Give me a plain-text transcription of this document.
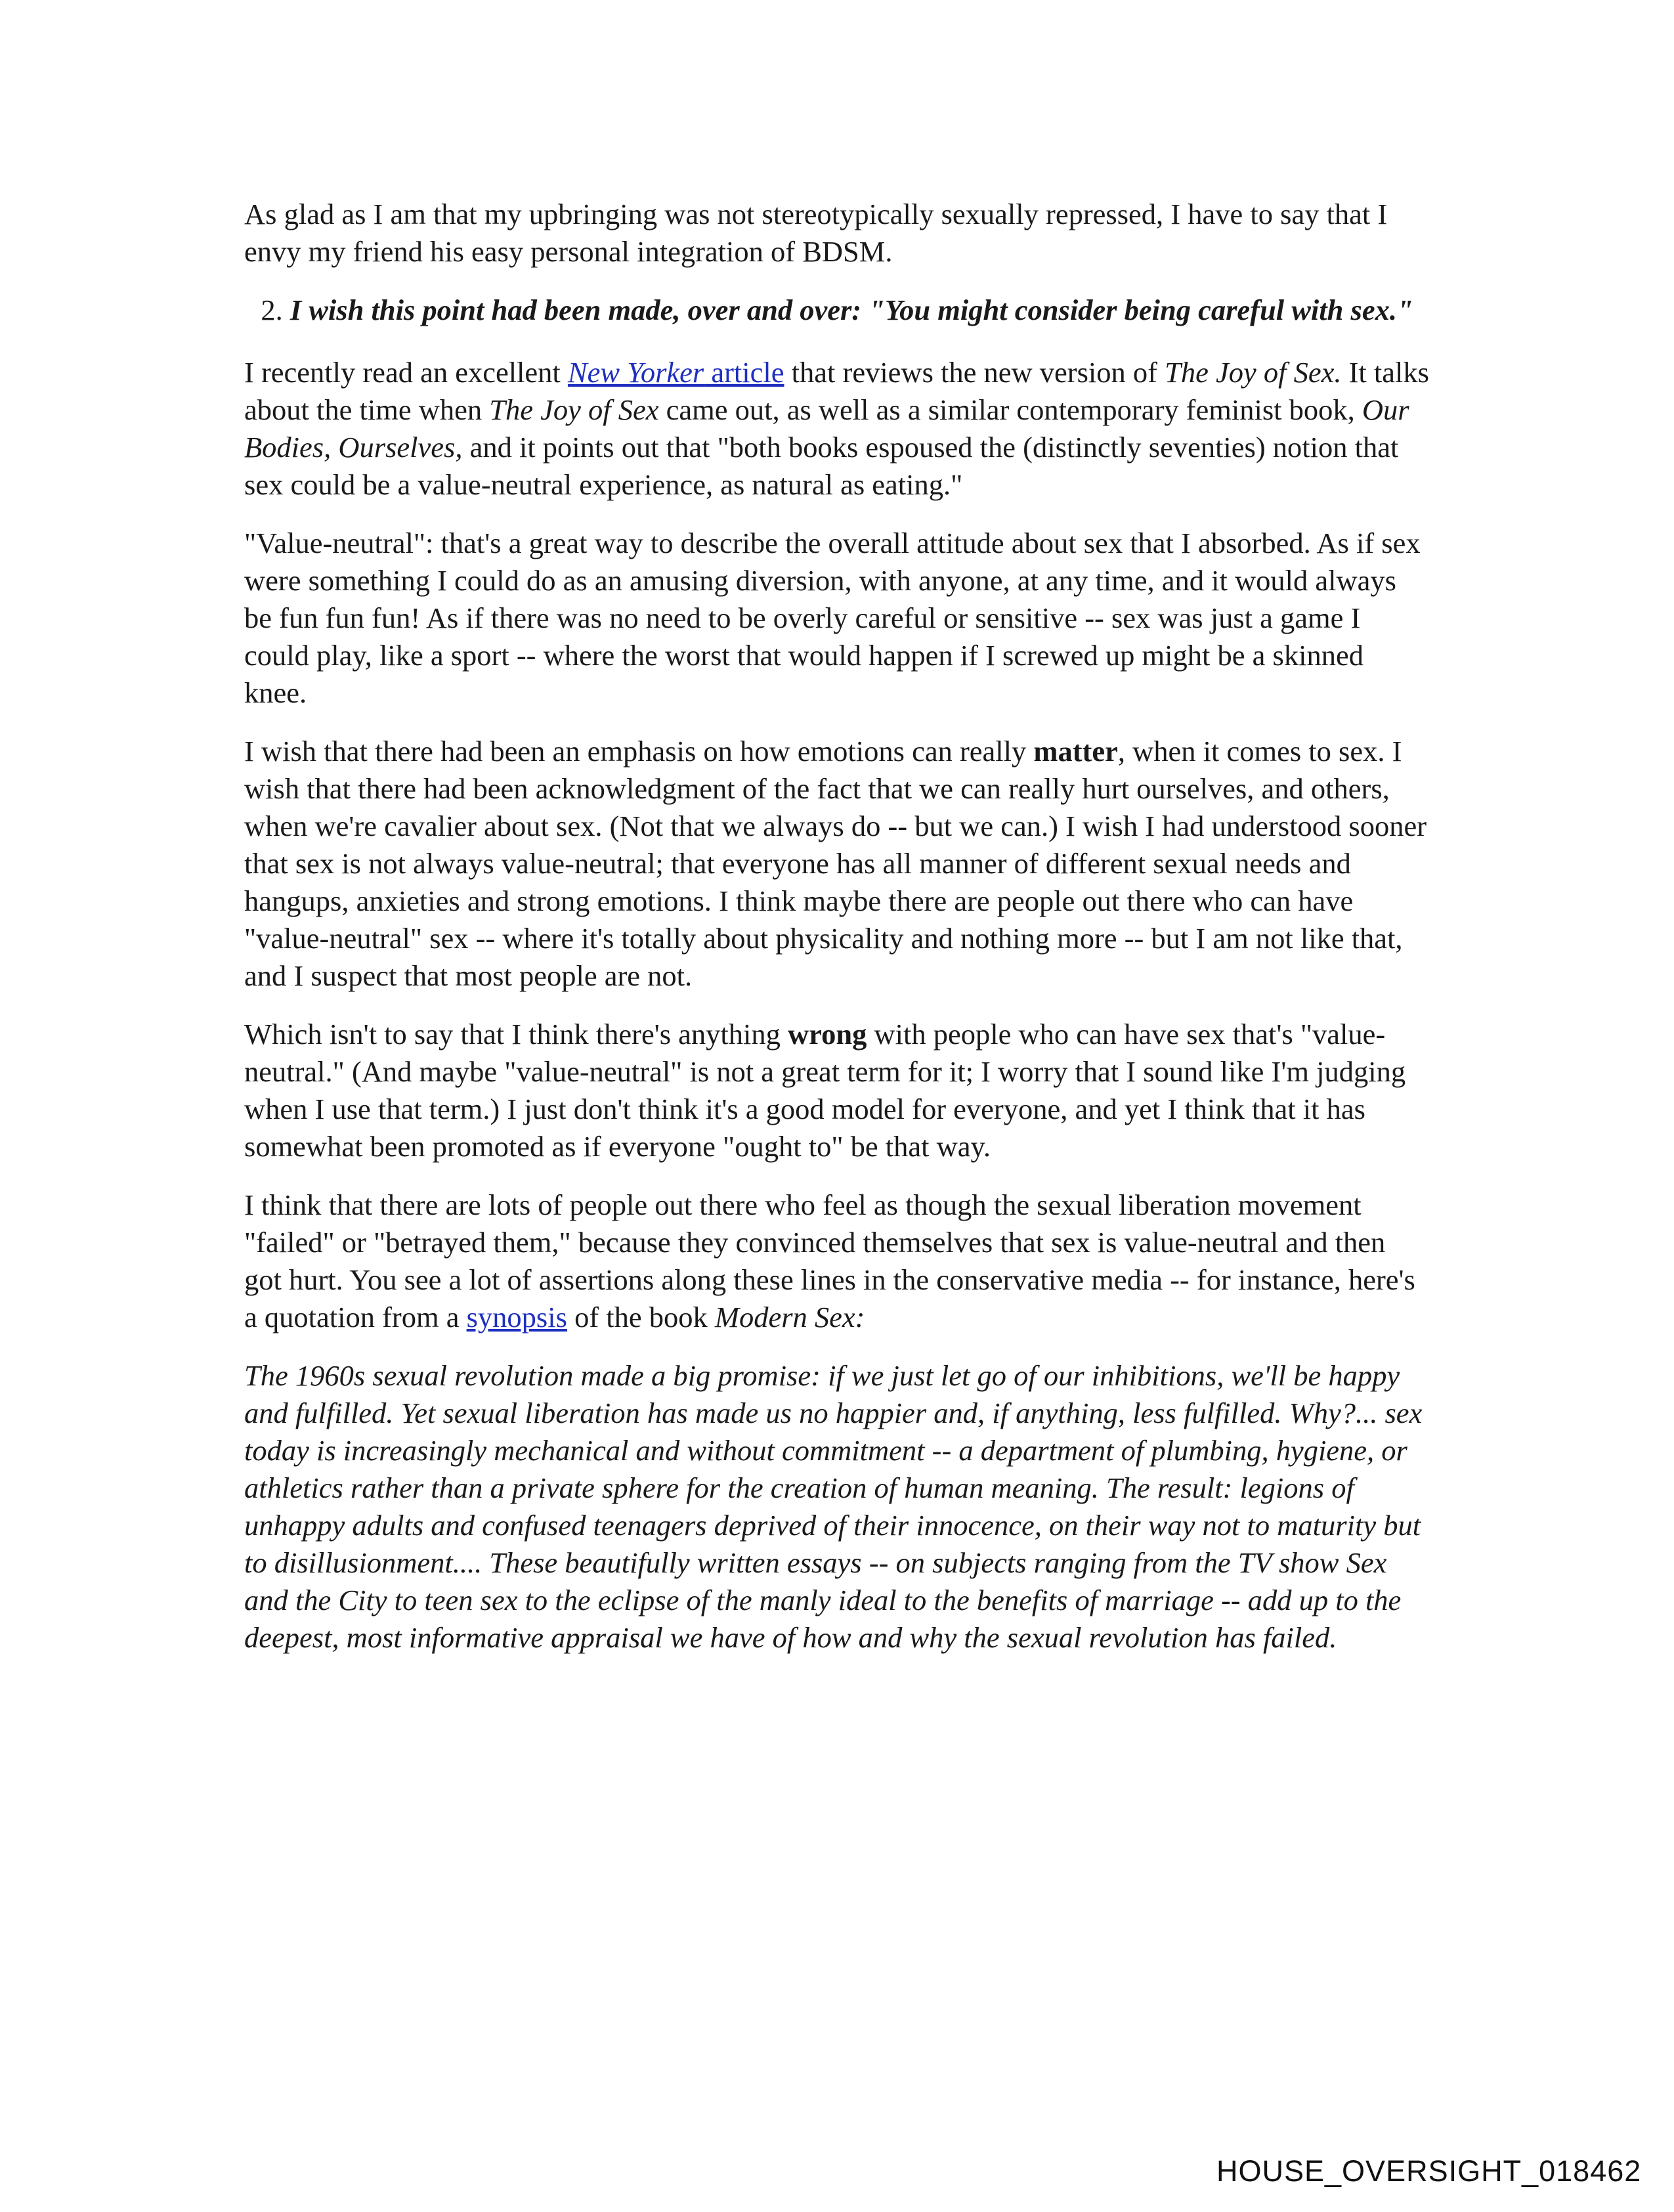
As glad as I am that my upbringing was not stereotypically sexually repressed, I have to say that I envy my friend his easy personal integration of BDSM.

2. I wish this point had been made, over and over: "You might consider being careful with sex."

I recently read an excellent New Yorker article that reviews the new version of The Joy of Sex. It talks about the time when The Joy of Sex came out, as well as a similar contemporary feminist book, Our Bodies, Ourselves, and it points out that "both books espoused the (distinctly seventies) notion that sex could be a value-neutral experience, as natural as eating."

"Value-neutral": that's a great way to describe the overall attitude about sex that I absorbed. As if sex were something I could do as an amusing diversion, with anyone, at any time, and it would always be fun fun fun! As if there was no need to be overly careful or sensitive -- sex was just a game I could play, like a sport -- where the worst that would happen if I screwed up might be a skinned knee.

I wish that there had been an emphasis on how emotions can really matter, when it comes to sex. I wish that there had been acknowledgment of the fact that we can really hurt ourselves, and others, when we're cavalier about sex. (Not that we always do -- but we can.) I wish I had understood sooner that sex is not always value-neutral; that everyone has all manner of different sexual needs and hangups, anxieties and strong emotions. I think maybe there are people out there who can have "value-neutral" sex -- where it's totally about physicality and nothing more -- but I am not like that, and I suspect that most people are not.

Which isn't to say that I think there's anything wrong with people who can have sex that's "value-neutral." (And maybe "value-neutral" is not a great term for it; I worry that I sound like I'm judging when I use that term.) I just don't think it's a good model for everyone, and yet I think that it has somewhat been promoted as if everyone "ought to" be that way.

I think that there are lots of people out there who feel as though the sexual liberation movement "failed" or "betrayed them," because they convinced themselves that sex is value-neutral and then got hurt. You see a lot of assertions along these lines in the conservative media -- for instance, here's a quotation from a synopsis of the book Modern Sex:

The 1960s sexual revolution made a big promise: if we just let go of our inhibitions, we'll be happy and fulfilled. Yet sexual liberation has made us no happier and, if anything, less fulfilled. Why?... sex today is increasingly mechanical and without commitment -- a department of plumbing, hygiene, or athletics rather than a private sphere for the creation of human meaning. The result: legions of unhappy adults and confused teenagers deprived of their innocence, on their way not to maturity but to disillusionment.... These beautifully written essays -- on subjects ranging from the TV show Sex and the City to teen sex to the eclipse of the manly ideal to the benefits of marriage -- add up to the deepest, most informative appraisal we have of how and why the sexual revolution has failed.

HOUSE_OVERSIGHT_018462
